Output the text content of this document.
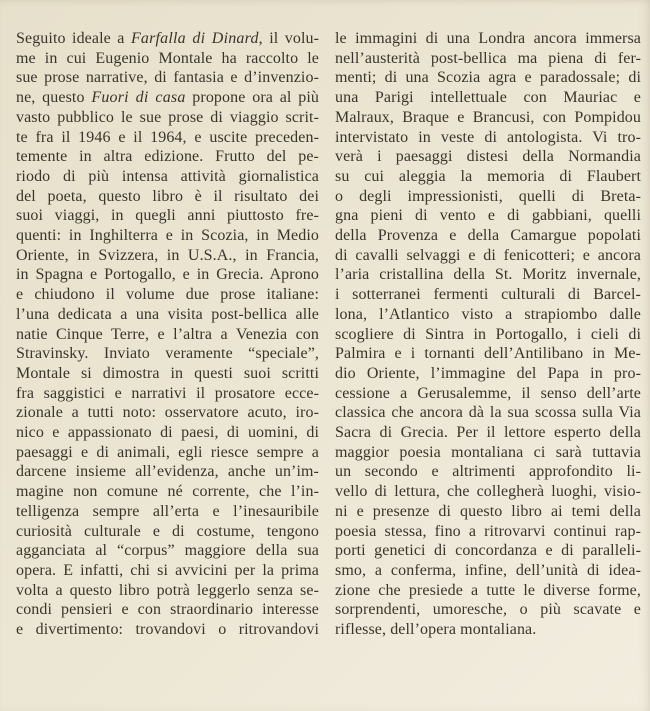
Seguito ideale a Farfalla di Dinard, il volu-
me in cui Eugenio Montale ha raccolto le
sue prose narrative, di fantasia e d’invenzio-
ne, questo Fuori di casa propone ora al più
vasto pubblico le sue prose di viaggio scrit-
te fra il 1946 e il 1964, e uscite preceden-
temente in altra edizione. Frutto del pe-
riodo di più intensa attività giornalistica
del poeta, questo libro è il risultato dei
suoi viaggi, in quegli anni piuttosto fre-
quenti: in Inghilterra e in Scozia, in Medio
Oriente, in Svizzera, in U.S.A., in Francia,
in Spagna e Portogallo, e in Grecia. Aprono
e chiudono il volume due prose italiane:
l’una dedicata a una visita post-bellica alle
natie Cinque Terre, e l’altra a Venezia con
Stravinsky. Inviato veramente “speciale”,
Montale si dimostra in questi suoi scritti
fra saggistici e narrativi il prosatore ecce-
zionale a tutti noto: osservatore acuto, iro-
nico e appassionato di paesi, di uomini, di
paesaggi e di animali, egli riesce sempre a
darcene insieme all’evidenza, anche un’im-
magine non comune né corrente, che l’in-
telligenza sempre all’erta e l’inesauribile
curiosità culturale e di costume, tengono
agganciata al “corpus” maggiore della sua
opera. E infatti, chi si avvicini per la prima
volta a questo libro potrà leggerlo senza se-
condi pensieri e con straordinario interesse
e divertimento: trovandovi o ritrovandovi
le immagini di una Londra ancora immersa
nell’austerità post-bellica ma piena di fer-
menti; di una Scozia agra e paradossale; di
una Parigi intellettuale con Mauriac e
Malraux, Braque e Brancusi, con Pompidou
intervistato in veste di antologista. Vi tro-
verà i paesaggi distesi della Normandia
su cui aleggia la memoria di Flaubert
o degli impressionisti, quelli di Breta-
gna pieni di vento e di gabbiani, quelli
della Provenza e della Camargue popolati
di cavalli selvaggi e di fenicotteri; e ancora
l’aria cristallina della St. Moritz invernale,
i sotterranei fermenti culturali di Barcel-
lona, l’Atlantico visto a strapiombo dalle
scogliere di Sintra in Portogallo, i cieli di
Palmira e i tornanti dell’Antilibano in Me-
dio Oriente, l’immagine del Papa in pro-
cessione a Gerusalemme, il senso dell’arte
classica che ancora dà la sua scossa sulla Via
Sacra di Grecia. Per il lettore esperto della
maggior poesia montaliana ci sarà tuttavia
un secondo e altrimenti approfondito li-
vello di lettura, che collegherà luoghi, visio-
ni e presenze di questo libro ai temi della
poesia stessa, fino a ritrovarvi continui rap-
porti genetici di concordanza e di paralleli-
smo, a conferma, infine, dell’unità di idea-
zione che presiede a tutte le diverse forme,
sorprendenti, umoresche, o più scavate e
riflesse, dell’opera montaliana.
